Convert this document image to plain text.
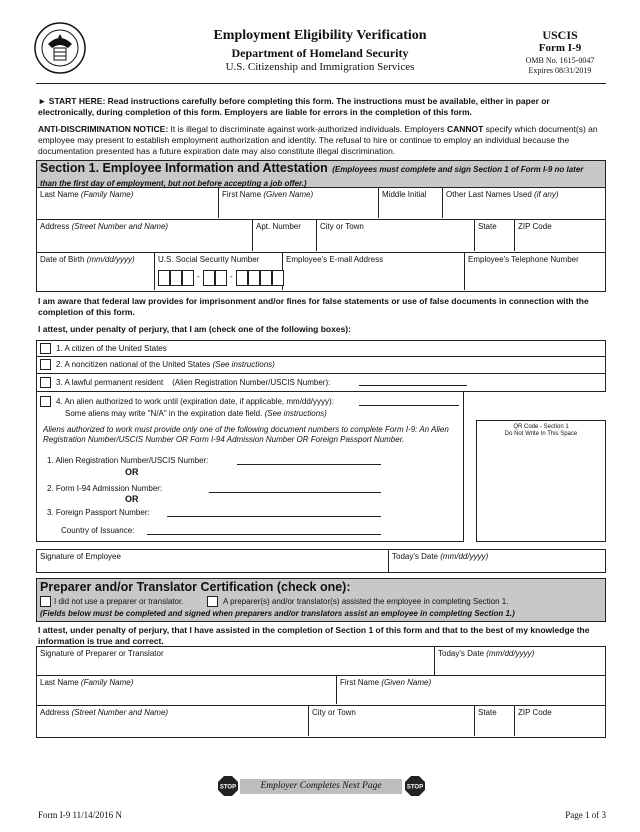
Employment Eligibility Verification
Department of Homeland Security
U.S. Citizenship and Immigration Services
USCIS
Form I-9
OMB No. 1615-0047
Expires 08/31/2019
► START HERE: Read instructions carefully before completing this form. The instructions must be available, either in paper or electronically, during completion of this form. Employers are liable for errors in the completion of this form.
ANTI-DISCRIMINATION NOTICE: It is illegal to discriminate against work-authorized individuals. Employers CANNOT specify which document(s) an employee may present to establish employment authorization and identity. The refusal to hire or continue to employ an individual because the documentation presented has a future expiration date may also constitute illegal discrimination.
Section 1. Employee Information and Attestation (Employees must complete and sign Section 1 of Form I-9 no later than the first day of employment, but not before accepting a job offer.)
Last Name (Family Name)	First Name (Given Name)	Middle Initial	Other Last Names Used (if any)
Address (Street Number and Name)	Apt. Number	City or Town	State	ZIP Code
Date of Birth (mm/dd/yyyy)	U.S. Social Security Number	Employee's E-mail Address	Employee's Telephone Number
-	-
I am aware that federal law provides for imprisonment and/or fines for false statements or use of false documents in connection with the completion of this form.
I attest, under penalty of perjury, that I am (check one of the following boxes):
1. A citizen of the United States
2. A noncitizen national of the United States (See instructions)
3. A lawful permanent resident (Alien Registration Number/USCIS Number):
4. An alien authorized to work until (expiration date, if applicable, mm/dd/yyyy):
Some aliens may write "N/A" in the expiration date field. (See instructions)
Aliens authorized to work must provide only one of the following document numbers to complete Form I-9: An Alien Registration Number/USCIS Number OR Form I-94 Admission Number OR Foreign Passport Number.
1. Alien Registration Number/USCIS Number:
OR
2. Form I-94 Admission Number:
OR
3. Foreign Passport Number:
Country of Issuance:
QR Code - Section 1
Do Not Write In This Space
Signature of Employee	Today's Date (mm/dd/yyyy)
Preparer and/or Translator Certification (check one):
I did not use a preparer or translator.	A preparer(s) and/or translator(s) assisted the employee in completing Section 1.
(Fields below must be completed and signed when preparers and/or translators assist an employee in completing Section 1.)
I attest, under penalty of perjury, that I have assisted in the completion of Section 1 of this form and that to the best of my knowledge the information is true and correct.
Signature of Preparer or Translator	Today's Date (mm/dd/yyyy)
Last Name (Family Name)	First Name (Given Name)
Address (Street Number and Name)	City or Town	State	ZIP Code
STOP	Employer Completes Next Page	STOP
Form I-9 11/14/2016 N	Page 1 of 3
